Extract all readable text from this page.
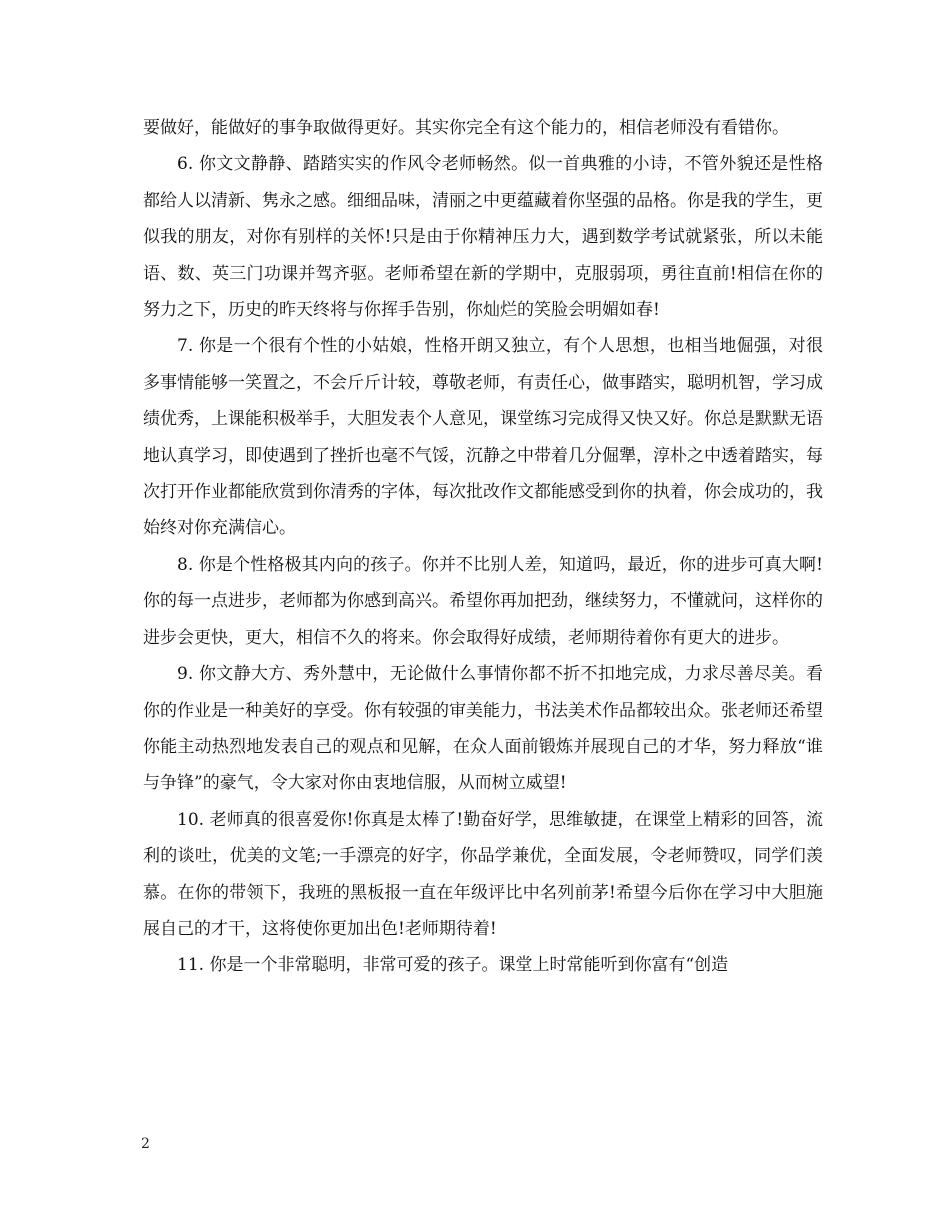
要做好，能做好的事争取做得更好。其实你完全有这个能力的，相信老师没有看错你。

6. 你文文静静、踏踏实实的作风令老师畅然。似一首典雅的小诗，不管外貌还是性格都给人以清新、隽永之感。细细品味，清丽之中更蕴藏着你坚强的品格。你是我的学生，更似我的朋友，对你有别样的关怀!只是由于你精神压力大，遇到数学考试就紧张，所以未能语、数、英三门功课并驾齐驱。老师希望在新的学期中，克服弱项，勇往直前!相信在你的努力之下，历史的昨天终将与你挥手告别，你灿烂的笑脸会明媚如春!

7. 你是一个很有个性的小姑娘，性格开朗又独立，有个人思想，也相当地倔强，对很多事情能够一笑置之，不会斤斤计较，尊敬老师，有责任心，做事踏实，聪明机智，学习成绩优秀，上课能积极举手，大胆发表个人意见，课堂练习完成得又快又好。你总是默默无语地认真学习，即使遇到了挫折也毫不气馁，沉静之中带着几分倔犟，淳朴之中透着踏实，每次打开作业都能欣赏到你清秀的字体，每次批改作文都能感受到你的执着，你会成功的，我始终对你充满信心。

8. 你是个性格极其内向的孩子。你并不比别人差，知道吗，最近，你的进步可真大啊!你的每一点进步，老师都为你感到高兴。希望你再加把劲，继续努力，不懂就问，这样你的进步会更快，更大，相信不久的将来。你会取得好成绩，老师期待着你有更大的进步。

9. 你文静大方、秀外慧中，无论做什么事情你都不折不扣地完成，力求尽善尽美。看你的作业是一种美好的享受。你有较强的审美能力，书法美术作品都较出众。张老师还希望你能主动热烈地发表自己的观点和见解，在众人面前锻炼并展现自己的才华，努力释放“谁与争锋”的豪气，令大家对你由衷地信服，从而树立威望!

10. 老师真的很喜爱你!你真是太棒了!勤奋好学，思维敏捷，在课堂上精彩的回答，流利的谈吐，优美的文笔;一手漂亮的好字，你品学兼优，全面发展，令老师赞叹，同学们羡慕。在你的带领下，我班的黑板报一直在年级评比中名列前茅!希望今后你在学习中大胆施展自己的才干，这将使你更加出色!老师期待着!

11. 你是一个非常聪明，非常可爱的孩子。课堂上时常能听到你富有“创造

2
